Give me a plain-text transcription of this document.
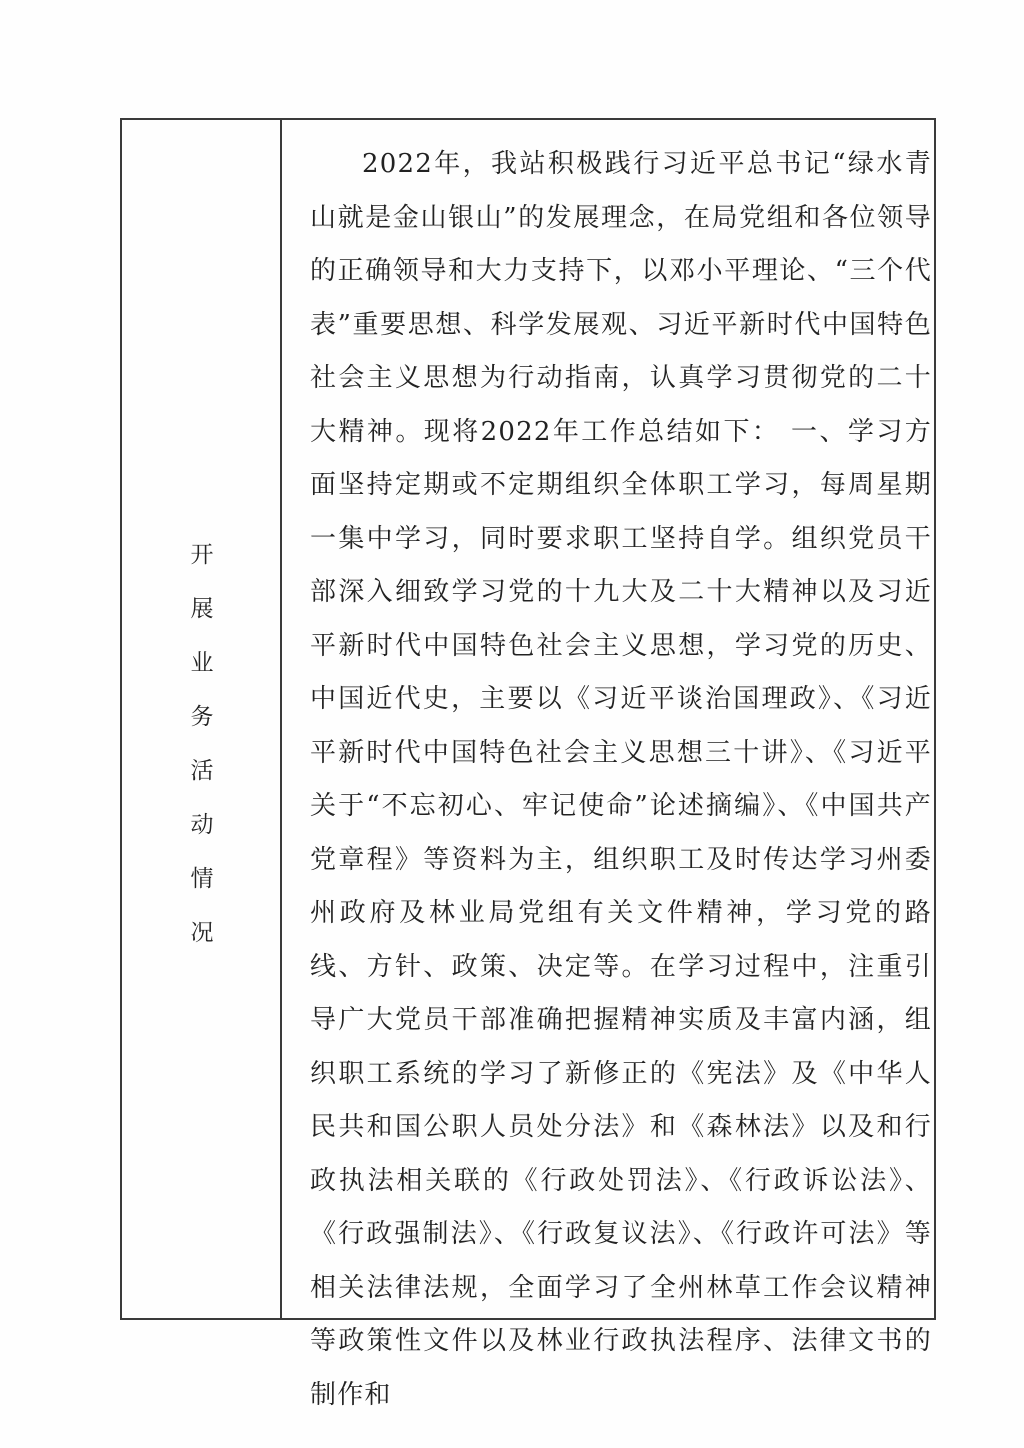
开
展
业
务
活
动
情
况

2022年，我站积极践行习近平总书记“绿水青山就是金山银山”的发展理念，在局党组和各位领导的正确领导和大力支持下，以邓小平理论、“三个代表”重要思想、科学发展观、习近平新时代中国特色社会主义思想为行动指南，认真学习贯彻党的二十大精神。现将2022年工作总结如下： 一、学习方面坚持定期或不定期组织全体职工学习，每周星期一集中学习，同时要求职工坚持自学。组织党员干部深入细致学习党的十九大及二十大精神以及习近平新时代中国特色社会主义思想，学习党的历史、中国近代史，主要以《习近平谈治国理政》、《习近平新时代中国特色社会主义思想三十讲》、《习近平关于“不忘初心、牢记使命”论述摘编》、《中国共产党章程》等资料为主，组织职工及时传达学习州委州政府及林业局党组有关文件精神，学习党的路线、方针、政策、决定等。在学习过程中，注重引导广大党员干部准确把握精神实质及丰富内涵，组织职工系统的学习了新修正的《宪法》及《中华人民共和国公职人员处分法》和《森林法》以及和行政执法相关联的《行政处罚法》、《行政诉讼法》、《行政强制法》、《行政复议法》、《行政许可法》等相关法律法规，全面学习了全州林草工作会议精神等政策性文件以及林业行政执法程序、法律文书的制作和
